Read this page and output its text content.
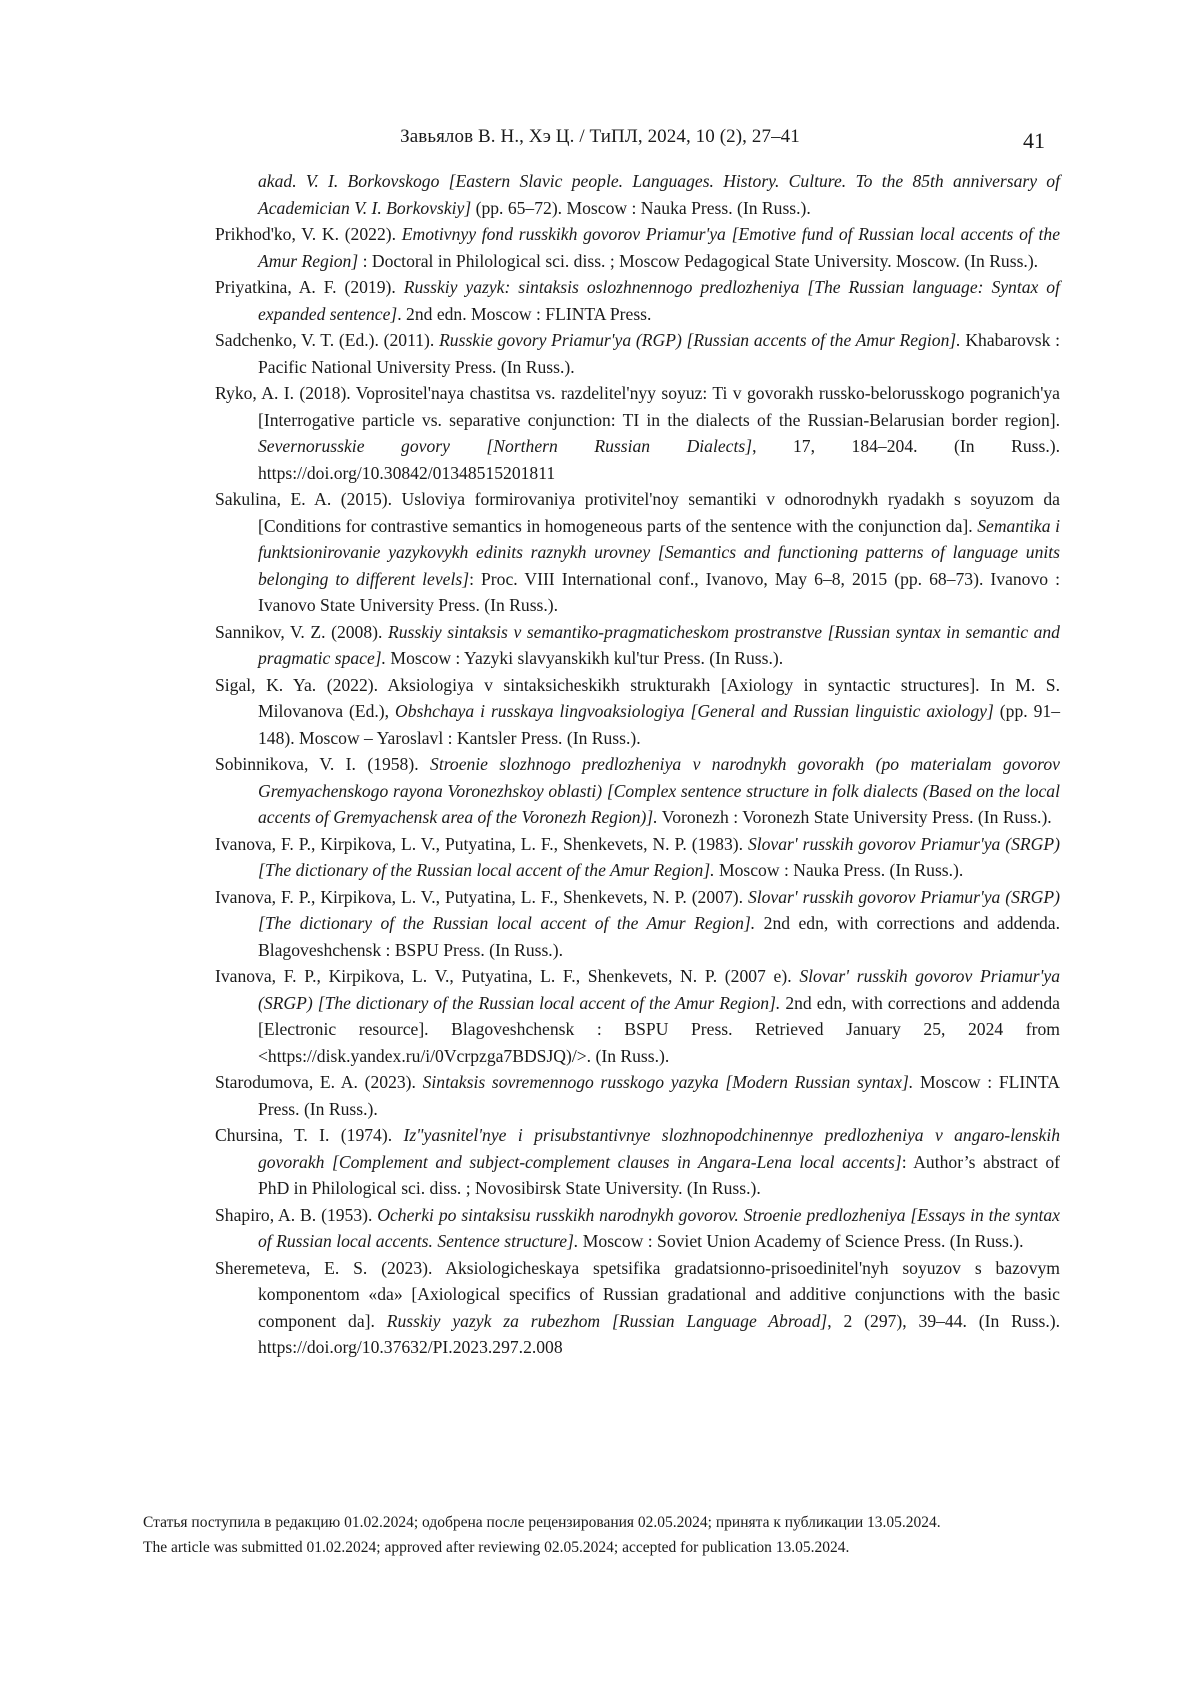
Завьялов В. Н., Хэ Ц. / ТиПЛ, 2024, 10 (2), 27–41	41

akad. V. I. Borkovskogo [Eastern Slavic people. Languages. History. Culture. To the 85th anniversary of Academician V. I. Borkovskiy] (pp. 65–72). Moscow : Nauka Press. (In Russ.).

Prikhod'ko, V. K. (2022). Emotivnyy fond russkikh govorov Priamur'ya [Emotive fund of Russian local accents of the Amur Region] : Doctoral in Philological sci. diss. ; Moscow Pedagogical State University. Moscow. (In Russ.).

Priyatkina, A. F. (2019). Russkiy yazyk: sintaksis oslozhnennogo predlozheniya [The Russian language: Syntax of expanded sentence]. 2nd edn. Moscow : FLINTA Press.

Sadchenko, V. T. (Ed.). (2011). Russkie govory Priamur'ya (RGP) [Russian accents of the Amur Region]. Khabarovsk : Pacific National University Press. (In Russ.).

Ryko, A. I. (2018). Voprositel'naya chastitsa vs. razdelitel'nyy soyuz: Ti v govorakh russko-belorusskogo pogranich'ya [Interrogative particle vs. separative conjunction: TI in the dialects of the Russian-Belarusian border region]. Severnorusskie govory [Northern Russian Dialects], 17, 184–204. (In Russ.). https://doi.org/10.30842/01348515201811

Sakulina, E. A. (2015). Usloviya formirovaniya protivitel'noy semantiki v odnorodnykh ryadakh s soyuzom da [Conditions for contrastive semantics in homogeneous parts of the sentence with the conjunction da]. Semantika i funktsionirovanie yazykovykh edinits raznykh urovney [Semantics and functioning patterns of language units belonging to different levels]: Proc. VIII International conf., Ivanovo, May 6–8, 2015 (pp. 68–73). Ivanovo : Ivanovo State University Press. (In Russ.).

Sannikov, V. Z. (2008). Russkiy sintaksis v semantiko-pragmaticheskom prostranstve [Russian syntax in semantic and pragmatic space]. Moscow : Yazyki slavyanskikh kul'tur Press. (In Russ.).

Sigal, K. Ya. (2022). Aksiologiya v sintaksicheskikh strukturakh [Axiology in syntactic structures]. In M. S. Milovanova (Ed.), Obshchaya i russkaya lingvoaksiologiya [General and Russian linguistic axiology] (pp. 91–148). Moscow – Yaroslavl : Kantsler Press. (In Russ.).

Sobinnikova, V. I. (1958). Stroenie slozhnogo predlozheniya v narodnykh govorakh (po materialam govorov Gremyachenskogo rayona Voronezhskoy oblasti) [Complex sentence structure in folk dialects (Based on the local accents of Gremyachensk area of the Voronezh Region)]. Voronezh : Voronezh State University Press. (In Russ.).

Ivanova, F. P., Kirpikova, L. V., Putyatina, L. F., Shenkevets, N. P. (1983). Slovar' russkih govorov Priamur'ya (SRGP) [The dictionary of the Russian local accent of the Amur Region]. Moscow : Nauka Press. (In Russ.).

Ivanova, F. P., Kirpikova, L. V., Putyatina, L. F., Shenkevets, N. P. (2007). Slovar' russkih govorov Priamur'ya (SRGP) [The dictionary of the Russian local accent of the Amur Region]. 2nd edn, with corrections and addenda. Blagoveshchensk : BSPU Press. (In Russ.).

Ivanova, F. P., Kirpikova, L. V., Putyatina, L. F., Shenkevets, N. P. (2007 e). Slovar' russkih govorov Priamur'ya (SRGP) [The dictionary of the Russian local accent of the Amur Region]. 2nd edn, with corrections and addenda [Electronic resource]. Blagoveshchensk : BSPU Press. Retrieved January 25, 2024 from <https://disk.yandex.ru/i/0Vcrpzga7BDSJQ)/>. (In Russ.).

Starodumova, E. A. (2023). Sintaksis sovremennogo russkogo yazyka [Modern Russian syntax]. Moscow : FLINTA Press. (In Russ.).

Chursina, T. I. (1974). Iz"yasnitel'nye i prisubstantivnye slozhnopodchinennye predlozheniya v angaro-lenskih govorakh [Complement and subject-complement clauses in Angara-Lena local accents]: Author’s abstract of PhD in Philological sci. diss. ; Novosibirsk State University. (In Russ.).

Shapiro, A. B. (1953). Ocherki po sintaksisu russkikh narodnykh govorov. Stroenie predlozheniya [Essays in the syntax of Russian local accents. Sentence structure]. Moscow : Soviet Union Academy of Science Press. (In Russ.).

Sheremeteva, E. S. (2023). Aksiologicheskaya spetsifika gradatsionno-prisoedinitel'nyh soyuzov s bazovym komponentom «da» [Axiological specifics of Russian gradational and additive conjunctions with the basic component da]. Russkiy yazyk za rubezhom [Russian Language Abroad], 2 (297), 39–44. (In Russ.). https://doi.org/10.37632/PI.2023.297.2.008

Статья поступила в редакцию 01.02.2024; одобрена после рецензирования 02.05.2024; принята к публикации 13.05.2024.
The article was submitted 01.02.2024; approved after reviewing 02.05.2024; accepted for publication 13.05.2024.
